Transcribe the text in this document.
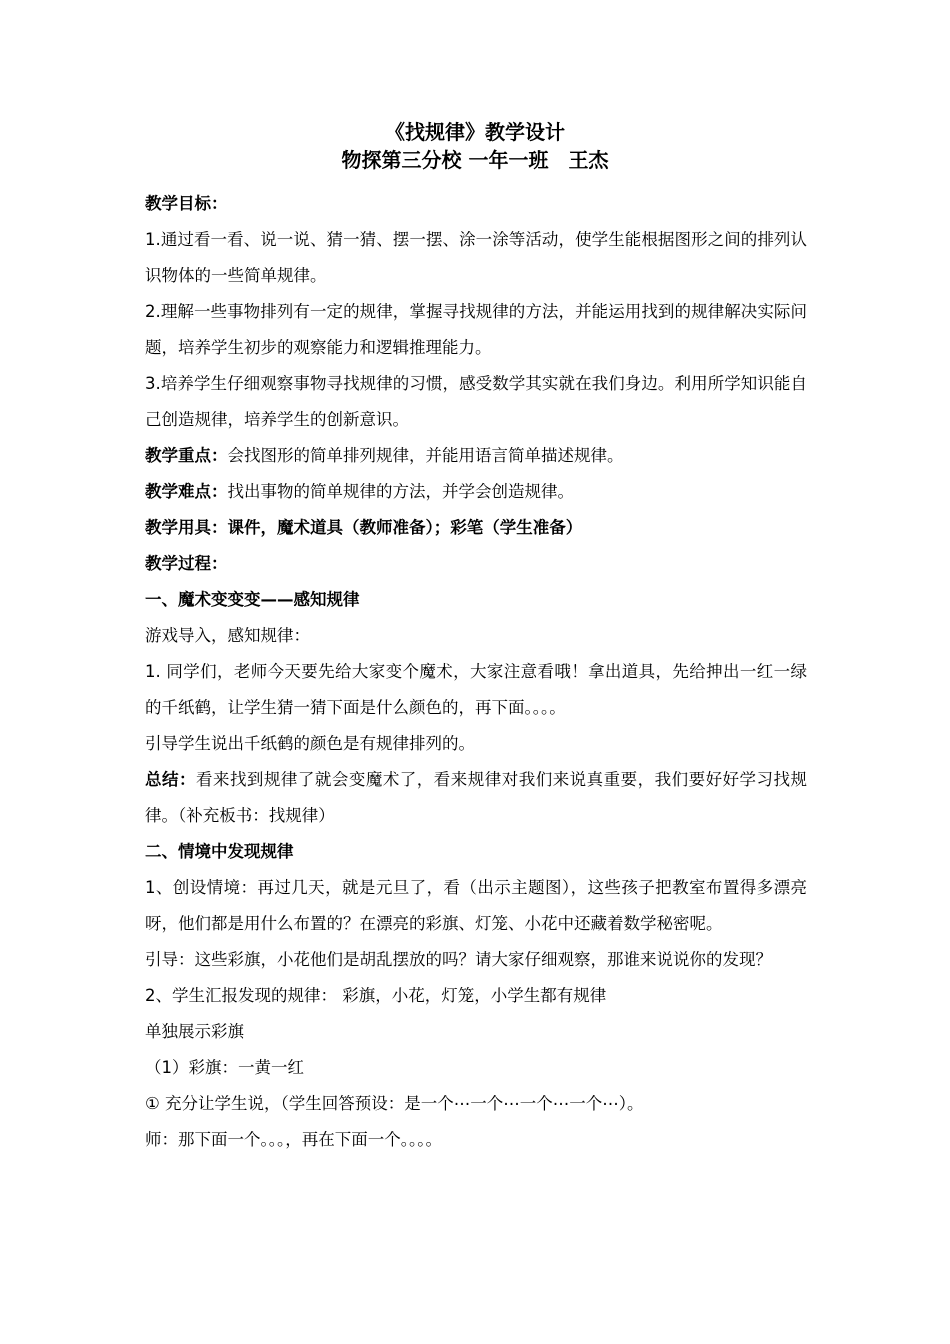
《找规律》教学设计
物探第三分校 一年一班　王杰
教学目标：
1.通过看一看、说一说、猜一猜、摆一摆、涂一涂等活动，使学生能根据图形之间的排列认识物体的一些简单规律。
2.理解一些事物排列有一定的规律，掌握寻找规律的方法，并能运用找到的规律解决实际问题，培养学生初步的观察能力和逻辑推理能力。
3.培养学生仔细观察事物寻找规律的习惯，感受数学其实就在我们身边。利用所学知识能自己创造规律，培养学生的创新意识。
教学重点：会找图形的简单排列规律，并能用语言简单描述规律。
教学难点：找出事物的简单规律的方法，并学会创造规律。
教学用具：课件，魔术道具（教师准备）；彩笔（学生准备）
教学过程：
一、魔术变变变——感知规律
游戏导入，感知规律：
1. 同学们，老师今天要先给大家变个魔术，大家注意看哦！拿出道具，先给抻出一红一绿的千纸鹤，让学生猜一猜下面是什么颜色的，再下面。。。。
引导学生说出千纸鹤的颜色是有规律排列的。
总结：看来找到规律了就会变魔术了，看来规律对我们来说真重要，我们要好好学习找规律。（补充板书：找规律）
二、情境中发现规律
1、创设情境：再过几天，就是元旦了，看（出示主题图），这些孩子把教室布置得多漂亮呀，他们都是用什么布置的？在漂亮的彩旗、灯笼、小花中还藏着数学秘密呢。
引导：这些彩旗，小花他们是胡乱摆放的吗？请大家仔细观察，那谁来说说你的发现？
2、学生汇报发现的规律： 彩旗，小花，灯笼，小学生都有规律
单独展示彩旗
（1）彩旗：一黄一红
① 充分让学生说，（学生回答预设：是一个⋯一个⋯一个⋯一个⋯）。
师：那下面一个。。。，再在下面一个。。。。
